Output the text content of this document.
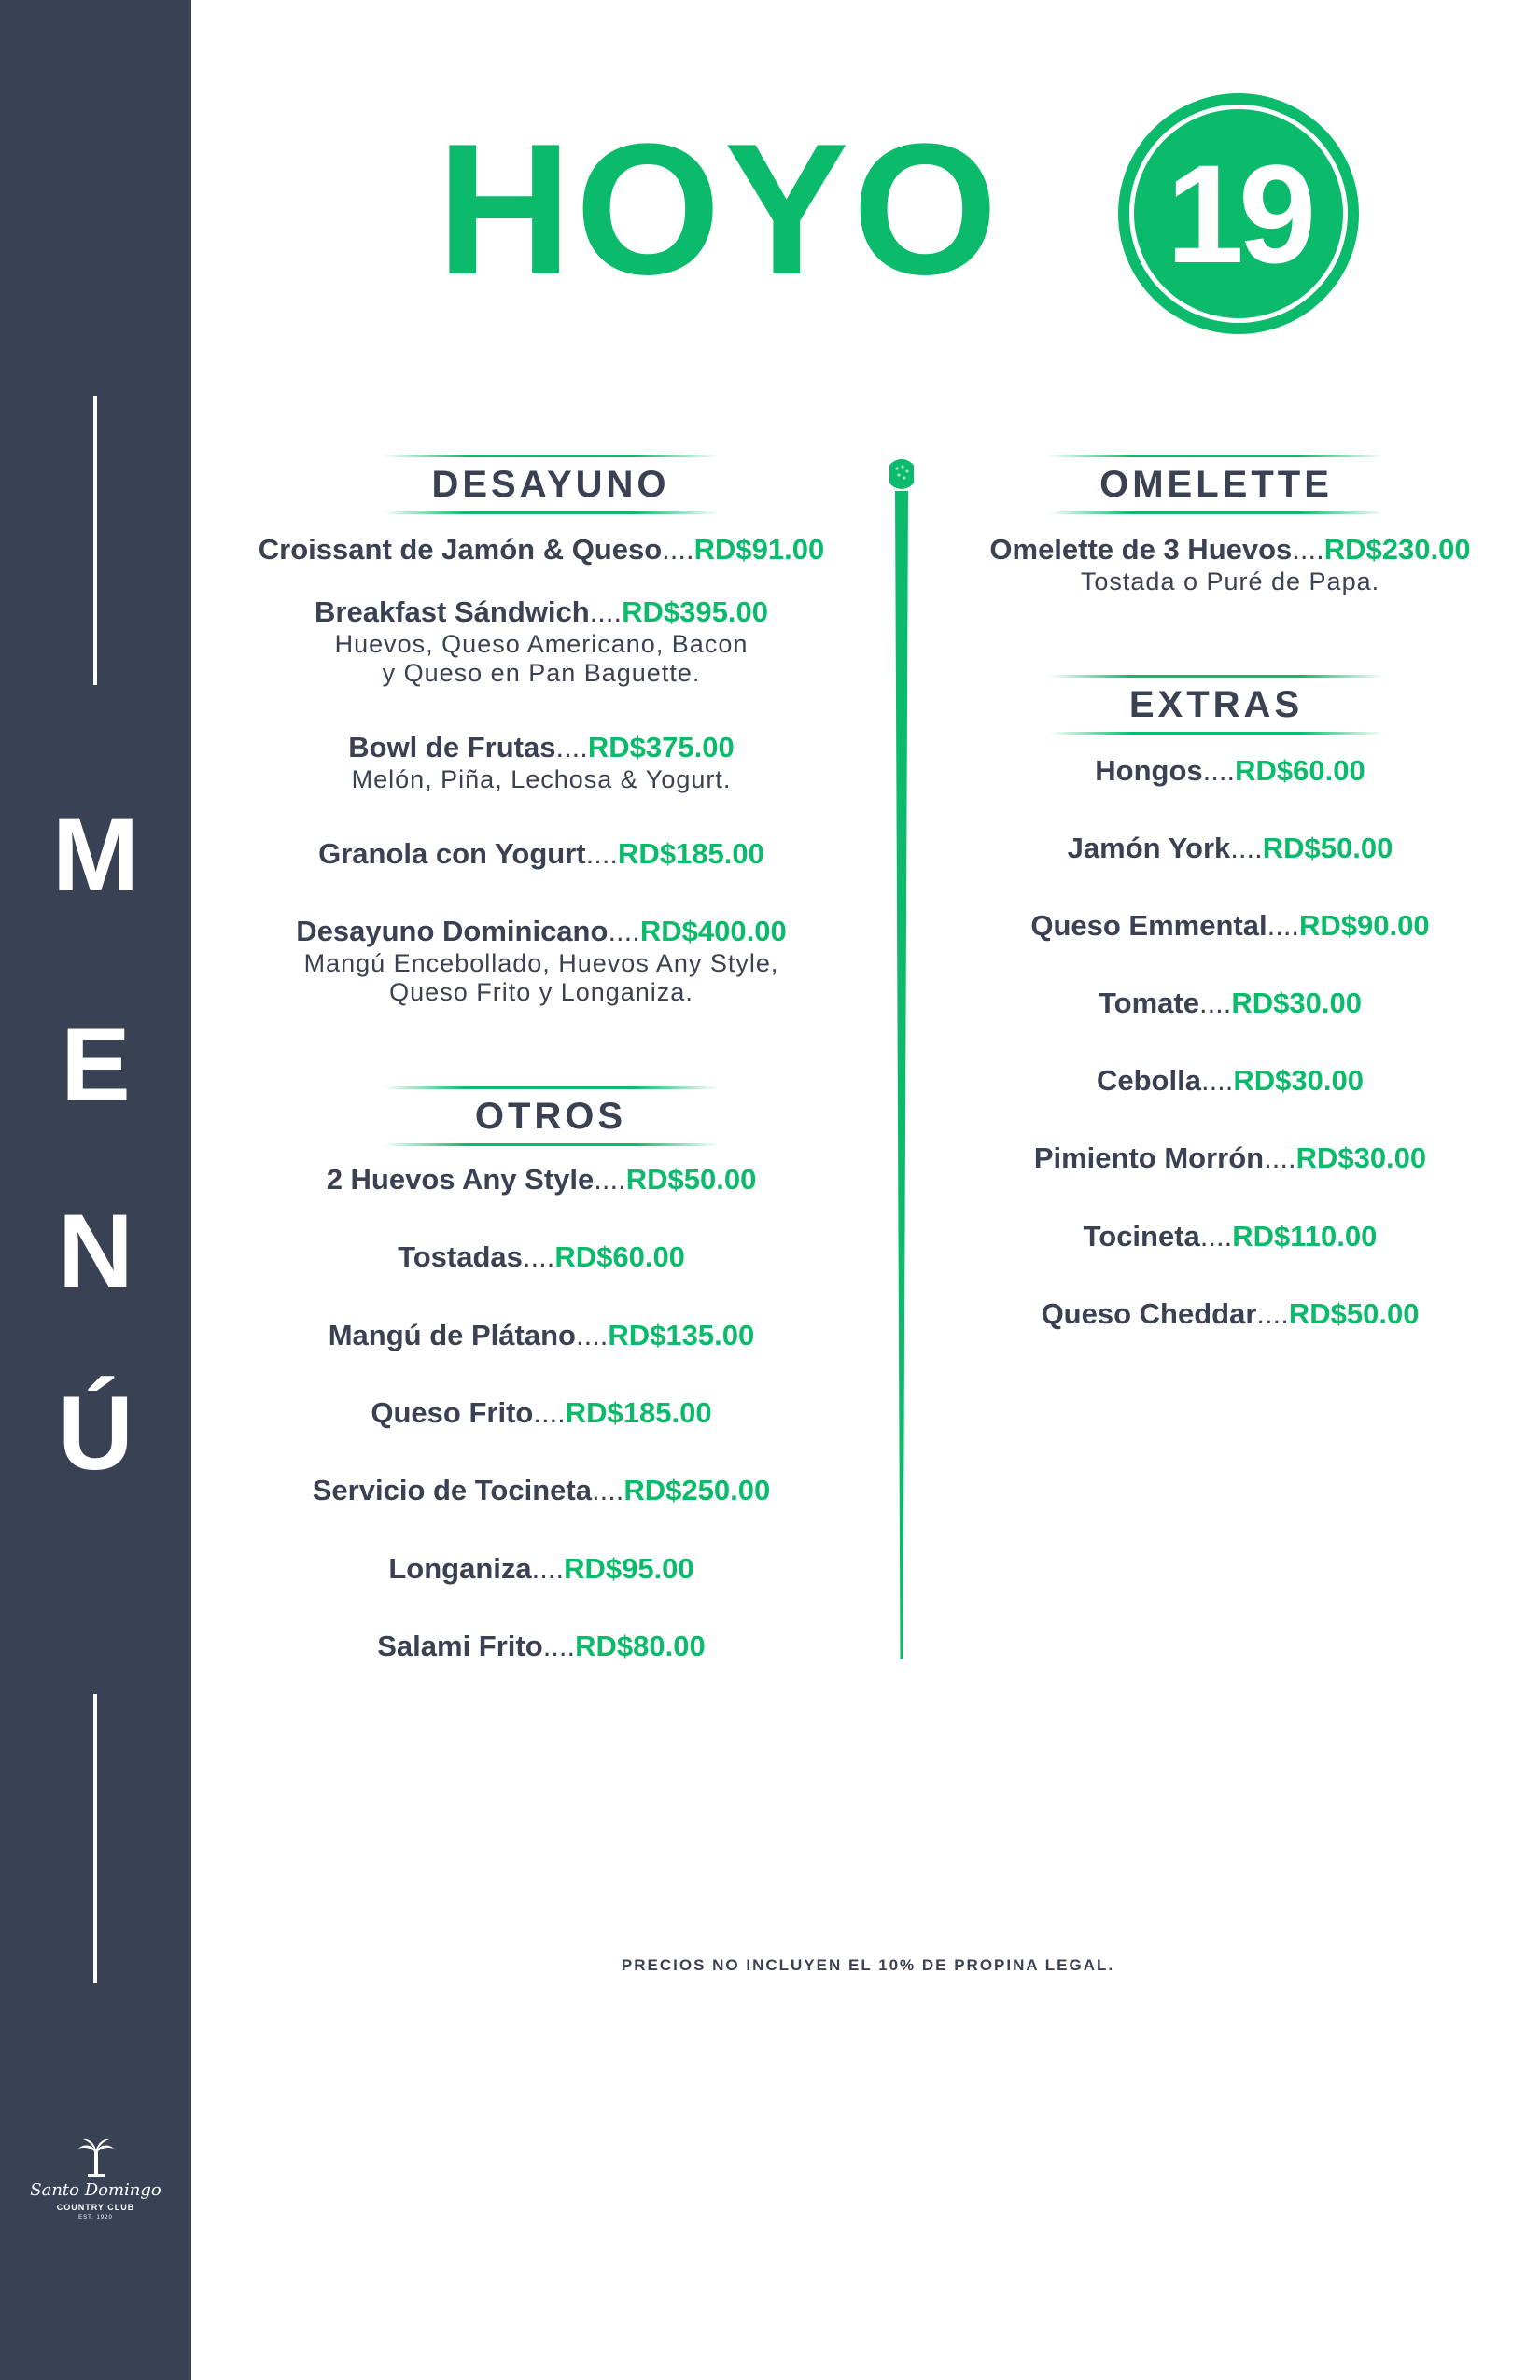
M
E
N
Ú
Santo Domingo
COUNTRY CLUB
EST. 1920
HOYO 19
DESAYUNO
Croissant de Jamón & Queso....RD$91.00
Breakfast Sándwich....RD$395.00
Huevos, Queso Americano, Bacon
y Queso en Pan Baguette.
Bowl de Frutas....RD$375.00
Melón, Piña, Lechosa & Yogurt.
Granola con Yogurt....RD$185.00
Desayuno Dominicano....RD$400.00
Mangú Encebollado, Huevos Any Style,
Queso Frito y Longaniza.
OTROS
2 Huevos Any Style....RD$50.00
Tostadas....RD$60.00
Mangú de Plátano....RD$135.00
Queso Frito....RD$185.00
Servicio de Tocineta....RD$250.00
Longaniza....RD$95.00
Salami Frito....RD$80.00
OMELETTE
Omelette de 3 Huevos....RD$230.00
Tostada o Puré de Papa.
EXTRAS
Hongos....RD$60.00
Jamón York....RD$50.00
Queso Emmental....RD$90.00
Tomate....RD$30.00
Cebolla....RD$30.00
Pimiento Morrón....RD$30.00
Tocineta....RD$110.00
Queso Cheddar....RD$50.00
PRECIOS NO INCLUYEN EL 10% DE PROPINA LEGAL.
